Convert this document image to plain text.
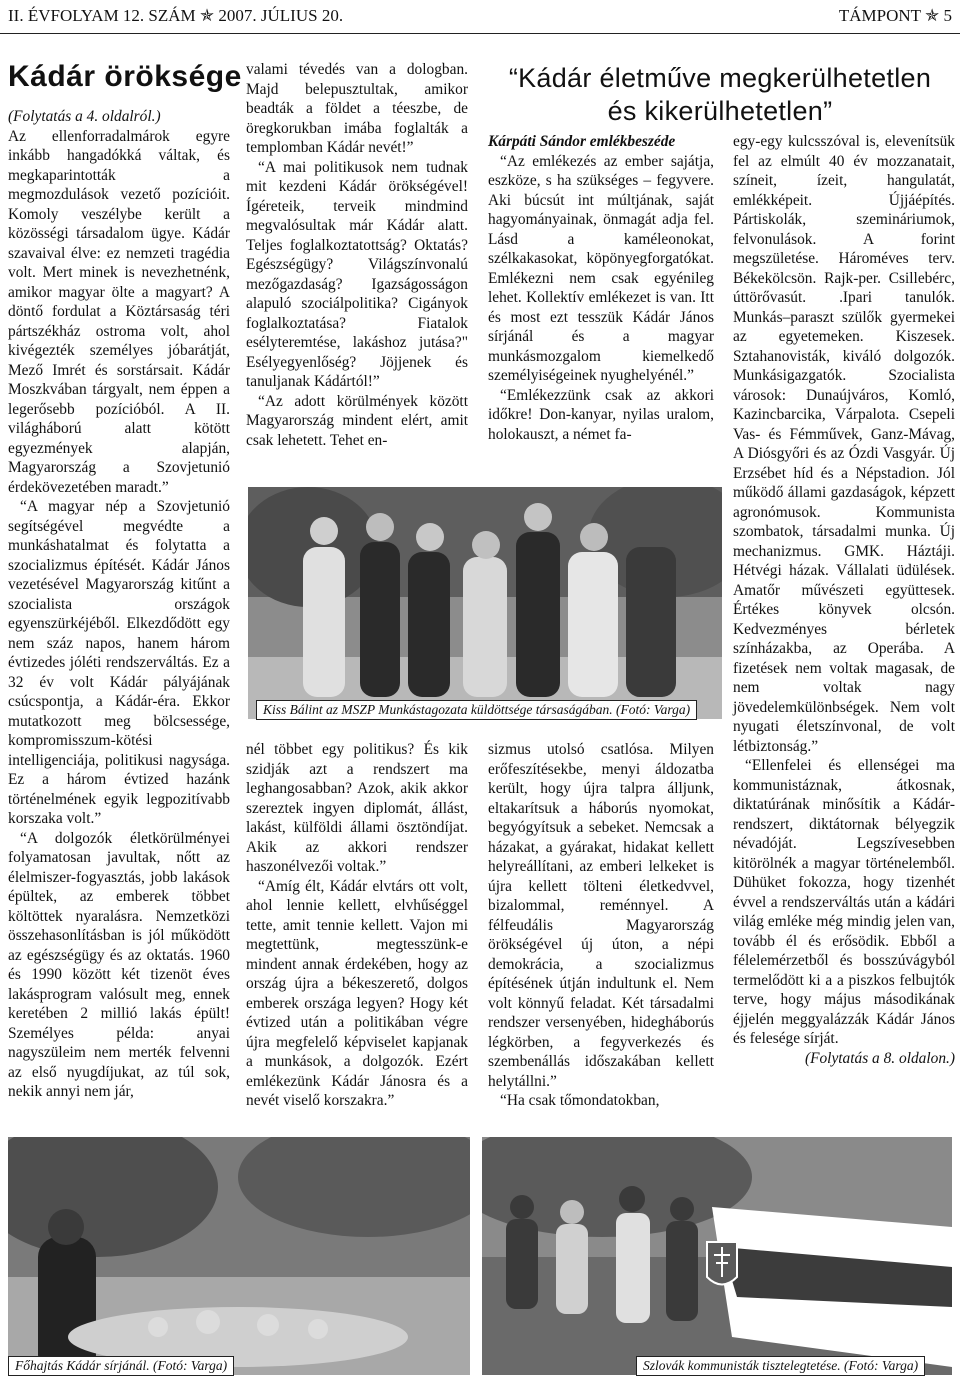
II. ÉVFOLYAM 12. SZÁM ✯ 2007. JÚLIUS 20.	TÁMPONT ✯ 5
Kádár öröksége

(Folytatás a 4. oldalról.)

Az ellenforradalmárok egyre inkább hangadókká váltak, és megkaparintották a megmozdulások vezető pozícióit. Komoly veszélybe került a közösségi társadalom ügye. Kádár szavaival élve: ez nemzeti tragédia volt. Mert minek is nevezhetnénk, amikor magyar ölte a magyart? A döntő fordulat a Köztársaság téri pártszékház ostroma volt, ahol kivégezték személyes jóbarátját, Mező Imrét és sorstársait. Kádár Moszkvában tárgyalt, nem éppen a legerősebb pozícióból. A II. világháború alatt kötött egyezmények alapján, Magyarország a Szovjetunió érdekövezetében maradt.”

“A magyar nép a Szovjetunió segítségével megvédte a munkáshatalmat és folytatta a szocializmus építését. Kádár János vezetésével Magyarország kitűnt a szocialista országok egyenszürkéjéből. Elkezdődött egy nem száz napos, hanem három évtizedes jóléti rendszerváltás. Ez a 32 év volt Kádár pályájának csúcspontja, a Kádár-éra. Ekkor mutatkozott meg bölcsessége, kompromisszum-kötési intelligenciája, politikusi nagysága. Ez a három évtized hazánk történelmének egyik legpozitívabb korszaka volt.”

“A dolgozók életkörülményei folyamatosan javultak, nőtt az élelmiszer-fogyasztás, jobb lakások épültek, az emberek többet költöttek nyaralásra. Nemzetközi összehasonlításban is jól működött az egészségügy és az oktatás. 1960 és 1990 között két tizenöt éves lakásprogram valósult meg, ennek keretében 2 millió lakás épült! Személyes példa: anyai nagyszüleim nem merték felvenni az első nyugdíjukat, az túl sok, nekik annyi nem jár,

valami tévedés van a dologban. Majd belepusztultak, amikor beadták a földet a téeszbe, de öregkorukban imába foglalták a templomban Kádár nevét!”

“A mai politikusok nem tudnak mit kezdeni Kádár örökségével! Ígéreteik, terveik mindmind megvalósultak már Kádár alatt. Teljes foglalkoztatottság? Oktatás? Egészségügy? Világszínvonalú mezőgazdaság? Igazságosságon alapuló szociálpolitika? Cigányok foglalkoztatása? Fiatalok esélyteremtése, lakáshoz jutása?" Esélyegyenlőség? Jöjjenek és tanuljanak Kádártól!”

“Az adott körülmények között Magyarország mindent elért, amit csak lehetett. Tehet en-

“Kádár életműve megkerülhetetlen
és kikerülhetetlen”

Kárpáti Sándor emlékbeszéde

“Az emlékezés az ember sajátja, eszköze, s ha szükséges – fegyvere. Aki búcsút int múltjának, saját hagyományainak, önmagát adja fel. Lásd a kaméleonokat, szélkakasokat, köpönyegforgatókat. Emlékezni nem csak egyénileg lehet. Kollektív emlékezet is van. Itt és most ezt tesszük Kádár János sírjánál és a magyar munkásmozgalom kiemelkedő személyiségeinek nyughelyénél.”

“Emlékezzünk csak az akkori időkre! Don-kanyar, nyilas uralom, holokauszt, a német fa-

egy-egy kulcsszóval is, elevenítsük fel az elmúlt 40 év mozzanatait, színeit, ízeit, hangulatát, emlékképeit. Újjáépítés. Pártiskolák, szemináriumok, felvonulások. A forint megszületése. Hároméves terv. Békekölcsön. Rajk-per. Csillebérc, úttörővasút. .Ipari tanulók. Munkás–paraszt szülők gyermekei az egyetemeken. Kiszesek. Sztahanovisták, kiváló dolgozók. Munkásigazgatók. Szocialista városok: Dunaújváros, Komló, Kazincbarcika, Várpalota. Csepeli Vas- és Fémművek, Ganz-Mávag, A Diósgyőri és az Ózdi Vasgyár. Új Erzsébet híd és a Népstadion. Jól működő állami gazdaságok, képzett agronómusok. Kommunista szombatok, társadalmi munka. Új mechanizmus. GMK. Háztáji. Hétvégi házak. Vállalati üdülések. Amatőr művészeti együttesek. Értékes könyvek olcsón. Kedvezményes bérletek színházakba, az Operába. A fizetések nem voltak magasak, de nem voltak nagy jövedelemkülönbségek. Nem volt nyugati életszínvonal, de volt létbiztonság.”

“Ellenfelei és ellenségei ma kommunistáznak, átkosnak, diktatúrának minősítik a Kádár-rendszert, diktátornak bélyegzik névadóját. Legszívesebben kitörölnék a magyar történelemből. Dühüket fokozza, hogy tizenhét évvel a rendszerváltás után a kádári világ emléke még mindig jelen van, tovább él és erősödik. Ebből a félelemérzetből és bosszúvágyból termelődött ki a a piszkos felbujtók terve, hogy május másodikának éjjelén meggyalázzák Kádár János és felesége sírját.

(Folytatás a 8. oldalon.)

Kiss Bálint az MSZP Munkástagozata küldöttsége társaságában. (Fotó: Varga)

nél többet egy politikus? És kik szidják azt a rendszert ma leghangosabban? Azok, akik akkor szereztek ingyen diplomát, állást, lakást, külföldi állami ösztöndíjat. Akik az akkori rendszer haszonélvezői voltak.”

“Amíg élt, Kádár elvtárs ott volt, ahol lennie kellett, elvhűséggel tette, amit tennie kellett. Vajon mi megtettünk, megtesszünk-e mindent annak érdekében, hogy az ország újra a békeszerető, dolgos emberek országa legyen? Hogy két évtized után a politikában végre újra megfelelő képviselet kapjanak a munkások, a dolgozók. Ezért emlékezünk Kádár Jánosra és a nevét viselő korszakra.”

sizmus utolsó csatlósa. Milyen erőfeszítésekbe, menyi áldozatba került, hogy újra talpra álljunk, eltakarítsuk a háborús nyomokat, begyógyítsuk a sebeket. Nemcsak a házakat, a gyárakat, hidakat kellett helyreállítani, az emberi lelkeket is újra kellett tölteni életkedvvel, bizalommal, reménnyel. A félfeudális Magyarország örökségével új úton, a népi demokrácia, a szocializmus építésének útján indultunk el. Nem volt könnyű feladat. Két társadalmi rendszer versenyében, hidegháborús légkörben, a fegyverkezés és szembenállás időszakában kellett helytállni.”

“Ha csak tőmondatokban,

Főhajtás Kádár sírjánál. (Fotó: Varga)	Szlovák kommunisták tisztelegtetése. (Fotó: Varga)
